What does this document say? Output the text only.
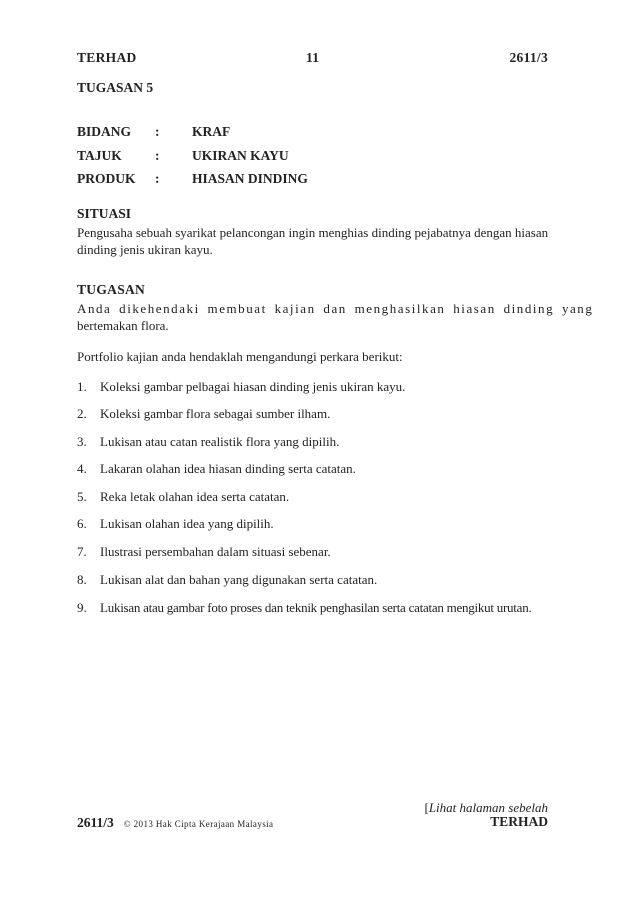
TERHAD	11	2611/3
TUGASAN 5
BIDANG : KRAF
TAJUK : UKIRAN KAYU
PRODUK : HIASAN DINDING
SITUASI
Pengusaha sebuah syarikat pelancongan ingin menghias dinding pejabatnya dengan hiasan
dinding jenis ukiran kayu.
TUGASAN
Anda dikehendaki membuat kajian dan menghasilkan hiasan dinding yang
bertemakan flora.
Portfolio kajian anda hendaklah mengandungi perkara berikut:
1. Koleksi gambar pelbagai hiasan dinding jenis ukiran kayu.
2. Koleksi gambar flora sebagai sumber ilham.
3. Lukisan atau catan realistik flora yang dipilih.
4. Lakaran olahan idea hiasan dinding serta catatan.
5. Reka letak olahan idea serta catatan.
6. Lukisan olahan idea yang dipilih.
7. Ilustrasi persembahan dalam situasi sebenar.
8. Lukisan alat dan bahan yang digunakan serta catatan.
9. Lukisan atau gambar foto proses dan teknik penghasilan serta catatan mengikut urutan.
[Lihat halaman sebelah
2611/3 © 2013 Hak Cipta Kerajaan Malaysia	TERHAD
